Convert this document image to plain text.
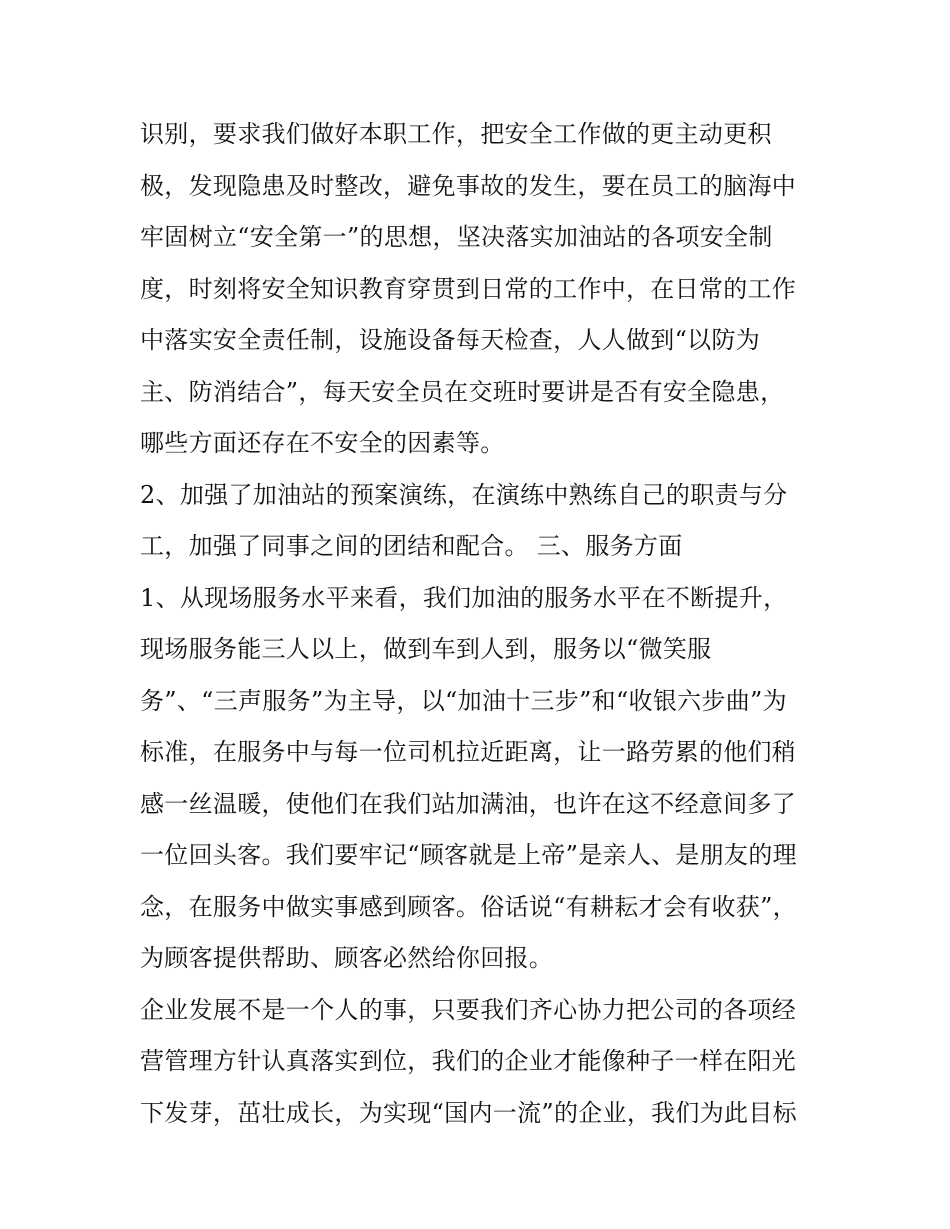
识别，要求我们做好本职工作，把安全工作做的更主动更积
极，发现隐患及时整改，避免事故的发生，要在员工的脑海中
牢固树立“安全第一”的思想，坚决落实加油站的各项安全制
度，时刻将安全知识教育穿贯到日常的工作中，在日常的工作
中落实安全责任制，设施设备每天检查，人人做到“以防为
主、防消结合”，每天安全员在交班时要讲是否有安全隐患，
哪些方面还存在不安全的因素等。
2、加强了加油站的预案演练，在演练中熟练自己的职责与分
工，加强了同事之间的团结和配合。 三、服务方面
1、从现场服务水平来看，我们加油的服务水平在不断提升，
现场服务能三人以上，做到车到人到，服务以“微笑服
务”、“三声服务”为主导，以“加油十三步”和“收银六步曲”为
标准，在服务中与每一位司机拉近距离，让一路劳累的他们稍
感一丝温暖，使他们在我们站加满油，也许在这不经意间多了
一位回头客。我们要牢记“顾客就是上帝”是亲人、是朋友的理
念，在服务中做实事感到顾客。俗话说“有耕耘才会有收获”，
为顾客提供帮助、顾客必然给你回报。
企业发展不是一个人的事，只要我们齐心协力把公司的各项经
营管理方针认真落实到位，我们的企业才能像种子一样在阳光
下发芽，茁壮成长，为实现“国内一流”的企业，我们为此目标
